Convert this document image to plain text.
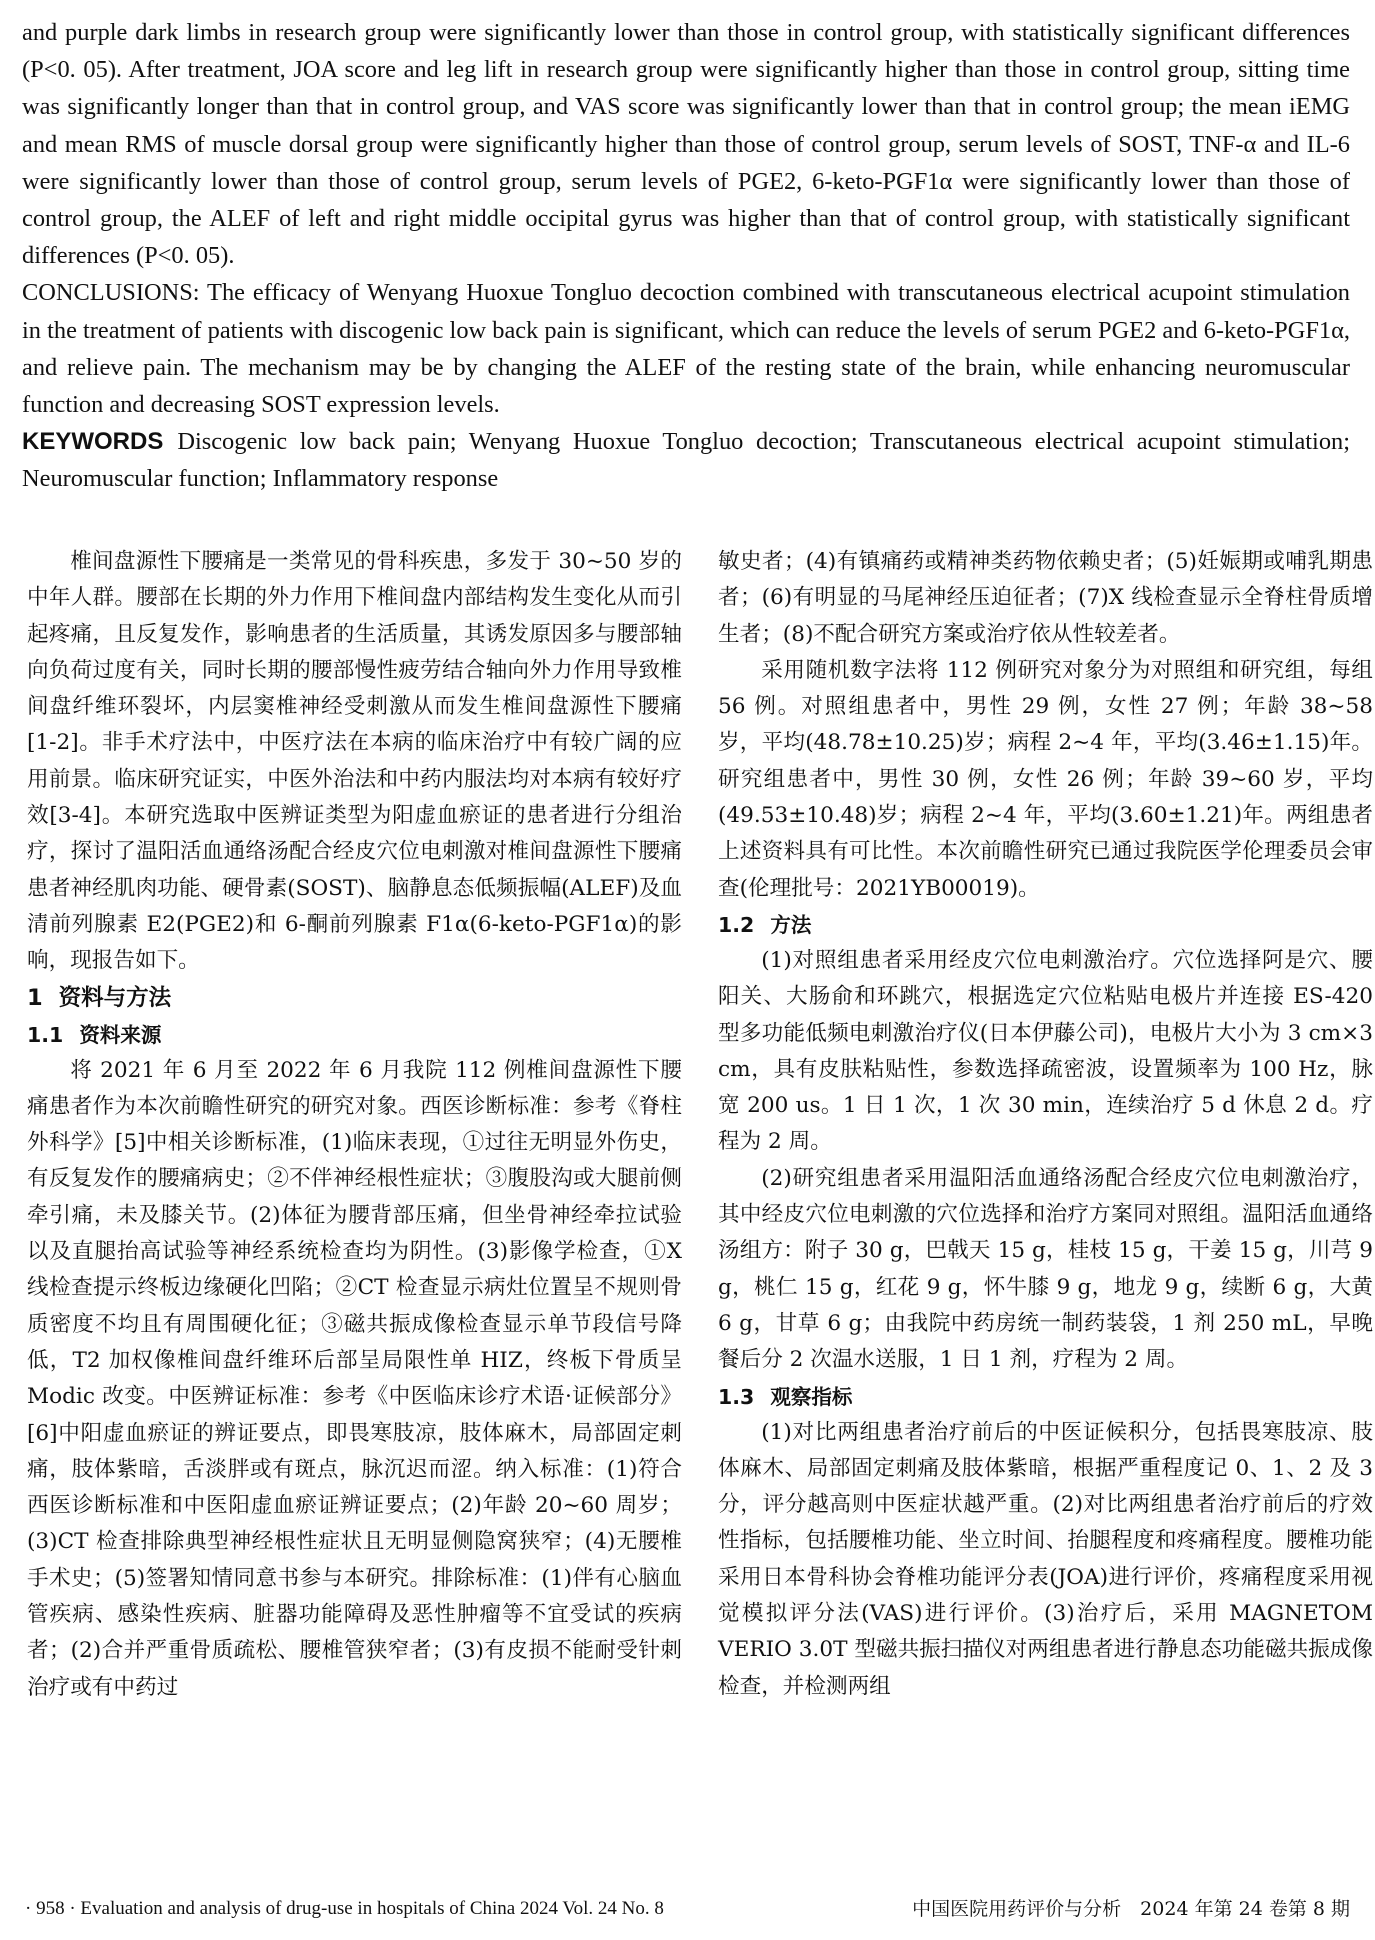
and purple dark limbs in research group were significantly lower than those in control group, with statistically significant differences (P<0. 05). After treatment, JOA score and leg lift in research group were significantly higher than those in control group, sitting time was significantly longer than that in control group, and VAS score was significantly lower than that in control group; the mean iEMG and mean RMS of muscle dorsal group were significantly higher than those of control group, serum levels of SOST, TNF-α and IL-6 were significantly lower than those of control group, serum levels of PGE2, 6-keto-PGF1α were significantly lower than those of control group, the ALEF of left and right middle occipital gyrus was higher than that of control group, with statistically significant differences (P<0. 05).

CONCLUSIONS: The efficacy of Wenyang Huoxue Tongluo decoction combined with transcutaneous electrical acupoint stimulation in the treatment of patients with discogenic low back pain is significant, which can reduce the levels of serum PGE2 and 6-keto-PGF1α, and relieve pain. The mechanism may be by changing the ALEF of the resting state of the brain, while enhancing neuromuscular function and decreasing SOST expression levels.

KEYWORDS Discogenic low back pain; Wenyang Huoxue Tongluo decoction; Transcutaneous electrical acupoint stimulation; Neuromuscular function; Inflammatory response

椎间盘源性下腰痛是一类常见的骨科疾患，多发于 30~50 岁的中年人群。腰部在长期的外力作用下椎间盘内部结构发生变化从而引起疼痛，且反复发作，影响患者的生活质量，其诱发原因多与腰部轴向负荷过度有关，同时长期的腰部慢性疲劳结合轴向外力作用导致椎间盘纤维环裂坏，内层窦椎神经受刺激从而发生椎间盘源性下腰痛[1-2]。非手术疗法中，中医疗法在本病的临床治疗中有较广阔的应用前景。临床研究证实，中医外治法和中药内服法均对本病有较好疗效[3-4]。本研究选取中医辨证类型为阳虚血瘀证的患者进行分组治疗，探讨了温阳活血通络汤配合经皮穴位电刺激对椎间盘源性下腰痛患者神经肌肉功能、硬骨素(SOST)、脑静息态低频振幅(ALEF)及血清前列腺素 E2(PGE2)和 6-酮前列腺素 F1α(6-keto-PGF1α)的影响，现报告如下。

1 资料与方法
1.1 资料来源

将 2021 年 6 月至 2022 年 6 月我院 112 例椎间盘源性下腰痛患者作为本次前瞻性研究的研究对象。西医诊断标准：参考《脊柱外科学》[5]中相关诊断标准，(1)临床表现，①过往无明显外伤史，有反复发作的腰痛病史；②不伴神经根性症状；③腹股沟或大腿前侧牵引痛，未及膝关节。(2)体征为腰背部压痛，但坐骨神经牵拉试验以及直腿抬高试验等神经系统检查均为阴性。(3)影像学检查，①X 线检查提示终板边缘硬化凹陷；②CT 检查显示病灶位置呈不规则骨质密度不均且有周围硬化征；③磁共振成像检查显示单节段信号降低，T2 加权像椎间盘纤维环后部呈局限性单 HIZ，终板下骨质呈 Modic 改变。中医辨证标准：参考《中医临床诊疗术语·证候部分》[6]中阳虚血瘀证的辨证要点，即畏寒肢凉，肢体麻木，局部固定刺痛，肢体紫暗，舌淡胖或有斑点，脉沉迟而涩。纳入标准：(1)符合西医诊断标准和中医阳虚血瘀证辨证要点；(2)年龄 20~60 周岁；(3)CT 检查排除典型神经根性症状且无明显侧隐窝狭窄；(4)无腰椎手术史；(5)签署知情同意书参与本研究。排除标准：(1)伴有心脑血管疾病、感染性疾病、脏器功能障碍及恶性肿瘤等不宜受试的疾病者；(2)合并严重骨质疏松、腰椎管狭窄者；(3)有皮损不能耐受针刺治疗或有中药过

敏史者；(4)有镇痛药或精神类药物依赖史者；(5)妊娠期或哺乳期患者；(6)有明显的马尾神经压迫征者；(7)X 线检查显示全脊柱骨质增生者；(8)不配合研究方案或治疗依从性较差者。

采用随机数字法将 112 例研究对象分为对照组和研究组，每组 56 例。对照组患者中，男性 29 例，女性 27 例；年龄 38~58 岁，平均(48.78±10.25)岁；病程 2~4 年，平均(3.46±1.15)年。研究组患者中，男性 30 例，女性 26 例；年龄 39~60 岁，平均(49.53±10.48)岁；病程 2~4 年，平均(3.60±1.21)年。两组患者上述资料具有可比性。本次前瞻性研究已通过我院医学伦理委员会审查(伦理批号：2021YB00019)。

1.2 方法

(1)对照组患者采用经皮穴位电刺激治疗。穴位选择阿是穴、腰阳关、大肠俞和环跳穴，根据选定穴位粘贴电极片并连接 ES-420 型多功能低频电刺激治疗仪(日本伊藤公司)，电极片大小为 3 cm×3 cm，具有皮肤粘贴性，参数选择疏密波，设置频率为 100 Hz，脉宽 200 us。1 日 1 次，1 次 30 min，连续治疗 5 d 休息 2 d。疗程为 2 周。

(2)研究组患者采用温阳活血通络汤配合经皮穴位电刺激治疗，其中经皮穴位电刺激的穴位选择和治疗方案同对照组。温阳活血通络汤组方：附子 30 g，巴戟天 15 g，桂枝 15 g，干姜 15 g，川芎 9 g，桃仁 15 g，红花 9 g，怀牛膝 9 g，地龙 9 g，续断 6 g，大黄 6 g，甘草 6 g；由我院中药房统一制药装袋，1 剂 250 mL，早晚餐后分 2 次温水送服，1 日 1 剂，疗程为 2 周。

1.3 观察指标

(1)对比两组患者治疗前后的中医证候积分，包括畏寒肢凉、肢体麻木、局部固定刺痛及肢体紫暗，根据严重程度记 0、1、2 及 3 分，评分越高则中医症状越严重。(2)对比两组患者治疗前后的疗效性指标，包括腰椎功能、坐立时间、抬腿程度和疼痛程度。腰椎功能采用日本骨科协会脊椎功能评分表(JOA)进行评价，疼痛程度采用视觉模拟评分法(VAS)进行评价。(3)治疗后，采用 MAGNETOM VERIO 3.0T 型磁共振扫描仪对两组患者进行静息态功能磁共振成像检查，并检测两组

· 958 · Evaluation and analysis of drug-use in hospitals of China 2024 Vol. 24 No. 8	中国医院用药评价与分析　2024 年第 24 卷第 8 期
